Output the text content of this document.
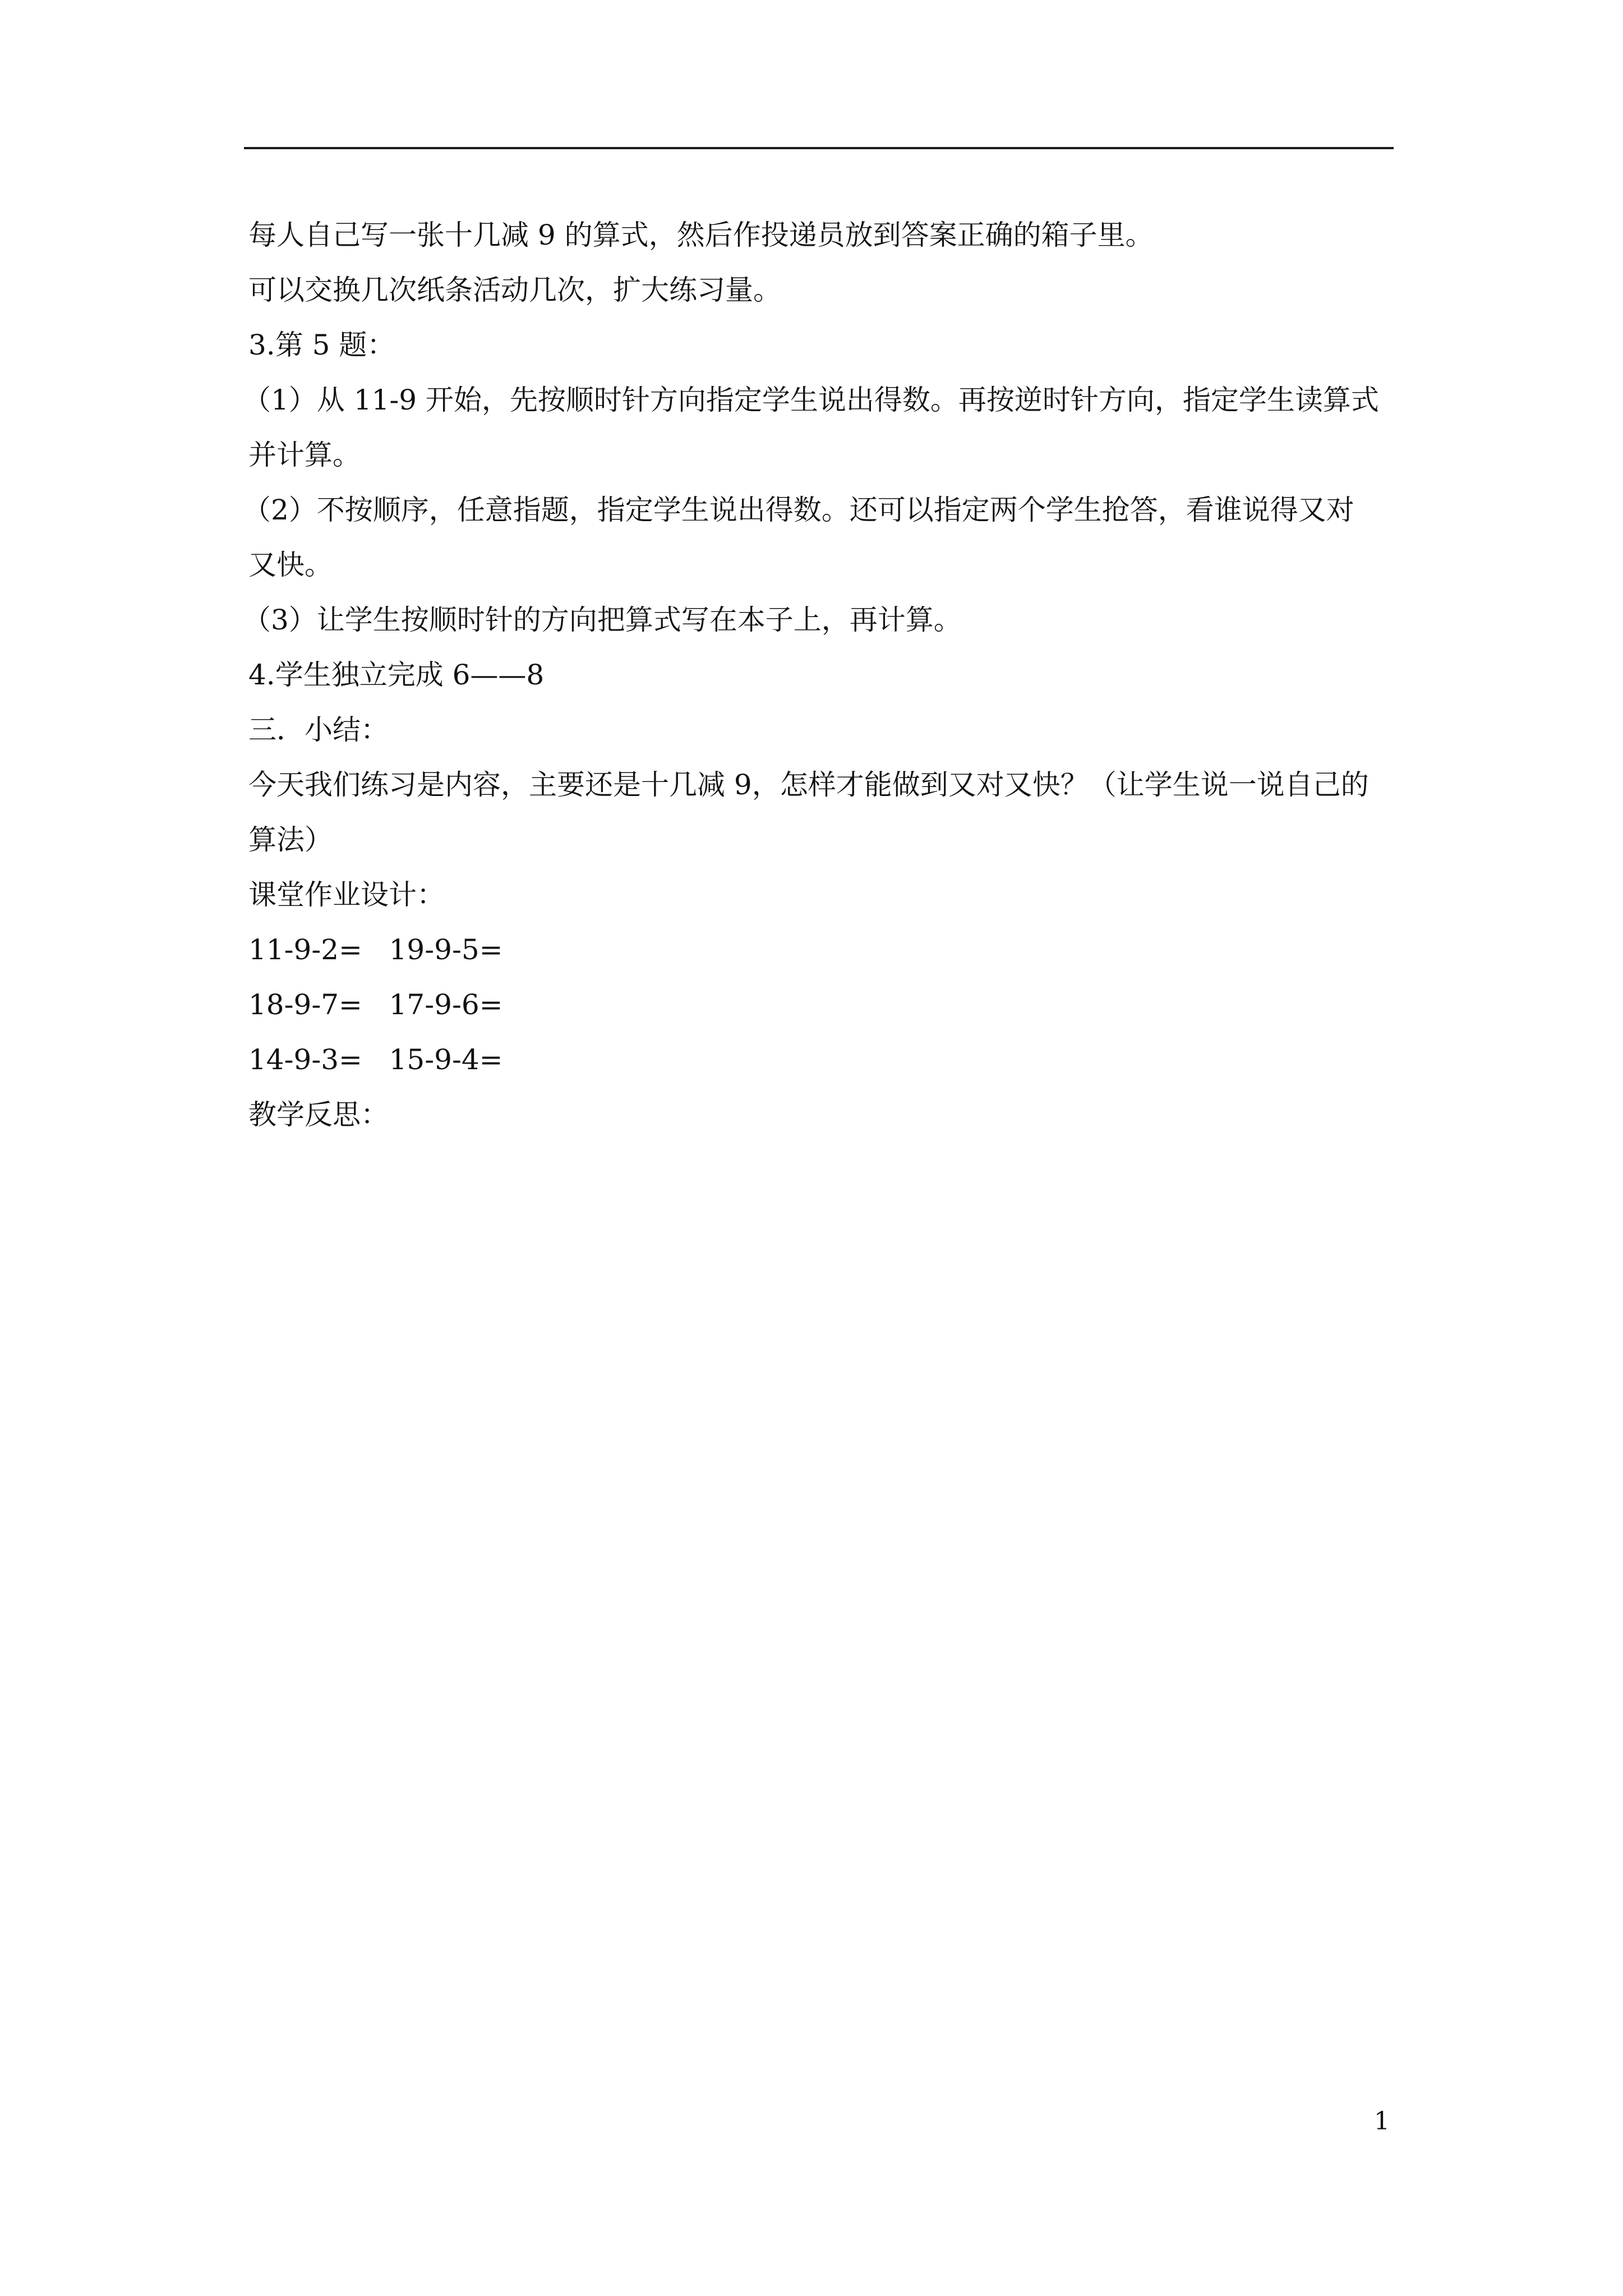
每人自己写一张十几减 9 的算式，然后作投递员放到答案正确的箱子里。
可以交换几次纸条活动几次，扩大练习量。
3.第 5 题：
（1）从 11-9 开始，先按顺时针方向指定学生说出得数。再按逆时针方向，指定学生读算式
并计算。
（2）不按顺序，任意指题，指定学生说出得数。还可以指定两个学生抢答，看谁说得又对
又快。
（3）让学生按顺时针的方向把算式写在本子上，再计算。
4.学生独立完成 6——8
三．小结：
今天我们练习是内容，主要还是十几减 9，怎样才能做到又对又快？（让学生说一说自己的
算法）
课堂作业设计：
11-9-2=   19-9-5=
18-9-7=   17-9-6=
14-9-3=   15-9-4=
教学反思：
1
